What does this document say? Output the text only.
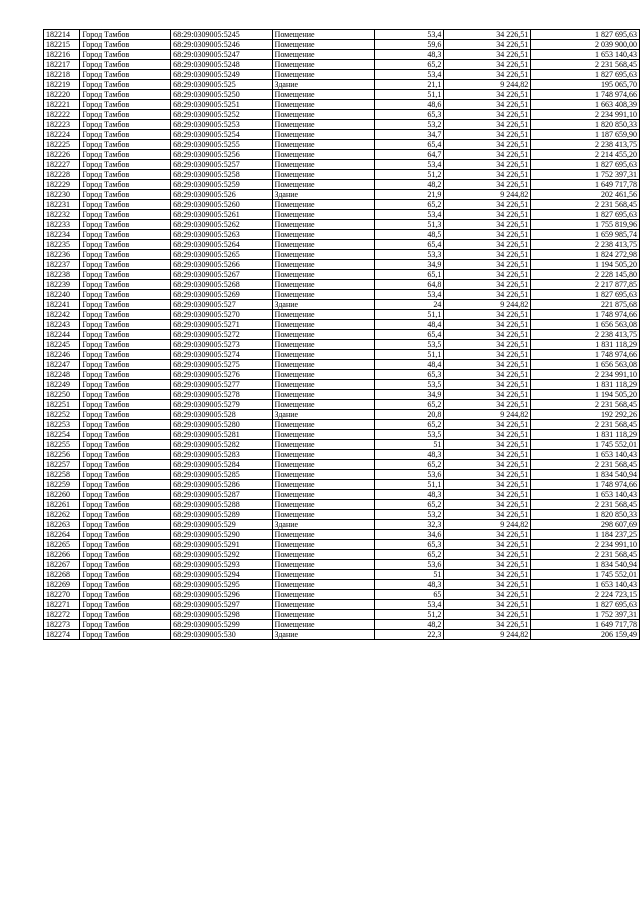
182214	Город Тамбов	68:29:0309005:5245	Помещение	53,4	34 226,51	1 827 695,63
182215	Город Тамбов	68:29:0309005:5246	Помещение	59,6	34 226,51	2 039 900,00
182216	Город Тамбов	68:29:0309005:5247	Помещение	48,3	34 226,51	1 653 140,43
182217	Город Тамбов	68:29:0309005:5248	Помещение	65,2	34 226,51	2 231 568,45
182218	Город Тамбов	68:29:0309005:5249	Помещение	53,4	34 226,51	1 827 695,63
182219	Город Тамбов	68:29:0309005:525	Здание	21,1	9 244,82	195 065,70
182220	Город Тамбов	68:29:0309005:5250	Помещение	51,1	34 226,51	1 748 974,66
182221	Город Тамбов	68:29:0309005:5251	Помещение	48,6	34 226,51	1 663 408,39
182222	Город Тамбов	68:29:0309005:5252	Помещение	65,3	34 226,51	2 234 991,10
182223	Город Тамбов	68:29:0309005:5253	Помещение	53,2	34 226,51	1 820 850,33
182224	Город Тамбов	68:29:0309005:5254	Помещение	34,7	34 226,51	1 187 659,90
182225	Город Тамбов	68:29:0309005:5255	Помещение	65,4	34 226,51	2 238 413,75
182226	Город Тамбов	68:29:0309005:5256	Помещение	64,7	34 226,51	2 214 455,20
182227	Город Тамбов	68:29:0309005:5257	Помещение	53,4	34 226,51	1 827 695,63
182228	Город Тамбов	68:29:0309005:5258	Помещение	51,2	34 226,51	1 752 397,31
182229	Город Тамбов	68:29:0309005:5259	Помещение	48,2	34 226,51	1 649 717,78
182230	Город Тамбов	68:29:0309005:526	Здание	21,9	9 244,82	202 461,56
182231	Город Тамбов	68:29:0309005:5260	Помещение	65,2	34 226,51	2 231 568,45
182232	Город Тамбов	68:29:0309005:5261	Помещение	53,4	34 226,51	1 827 695,63
182233	Город Тамбов	68:29:0309005:5262	Помещение	51,3	34 226,51	1 755 819,96
182234	Город Тамбов	68:29:0309005:5263	Помещение	48,5	34 226,51	1 659 985,74
182235	Город Тамбов	68:29:0309005:5264	Помещение	65,4	34 226,51	2 238 413,75
182236	Город Тамбов	68:29:0309005:5265	Помещение	53,3	34 226,51	1 824 272,98
182237	Город Тамбов	68:29:0309005:5266	Помещение	34,9	34 226,51	1 194 505,20
182238	Город Тамбов	68:29:0309005:5267	Помещение	65,1	34 226,51	2 228 145,80
182239	Город Тамбов	68:29:0309005:5268	Помещение	64,8	34 226,51	2 217 877,85
182240	Город Тамбов	68:29:0309005:5269	Помещение	53,4	34 226,51	1 827 695,63
182241	Город Тамбов	68:29:0309005:527	Здание	24	9 244,82	221 875,68
182242	Город Тамбов	68:29:0309005:5270	Помещение	51,1	34 226,51	1 748 974,66
182243	Город Тамбов	68:29:0309005:5271	Помещение	48,4	34 226,51	1 656 563,08
182244	Город Тамбов	68:29:0309005:5272	Помещение	65,4	34 226,51	2 238 413,75
182245	Город Тамбов	68:29:0309005:5273	Помещение	53,5	34 226,51	1 831 118,29
182246	Город Тамбов	68:29:0309005:5274	Помещение	51,1	34 226,51	1 748 974,66
182247	Город Тамбов	68:29:0309005:5275	Помещение	48,4	34 226,51	1 656 563,08
182248	Город Тамбов	68:29:0309005:5276	Помещение	65,3	34 226,51	2 234 991,10
182249	Город Тамбов	68:29:0309005:5277	Помещение	53,5	34 226,51	1 831 118,29
182250	Город Тамбов	68:29:0309005:5278	Помещение	34,9	34 226,51	1 194 505,20
182251	Город Тамбов	68:29:0309005:5279	Помещение	65,2	34 226,51	2 231 568,45
182252	Город Тамбов	68:29:0309005:528	Здание	20,8	9 244,82	192 292,26
182253	Город Тамбов	68:29:0309005:5280	Помещение	65,2	34 226,51	2 231 568,45
182254	Город Тамбов	68:29:0309005:5281	Помещение	53,5	34 226,51	1 831 118,29
182255	Город Тамбов	68:29:0309005:5282	Помещение	51	34 226,51	1 745 552,01
182256	Город Тамбов	68:29:0309005:5283	Помещение	48,3	34 226,51	1 653 140,43
182257	Город Тамбов	68:29:0309005:5284	Помещение	65,2	34 226,51	2 231 568,45
182258	Город Тамбов	68:29:0309005:5285	Помещение	53,6	34 226,51	1 834 540,94
182259	Город Тамбов	68:29:0309005:5286	Помещение	51,1	34 226,51	1 748 974,66
182260	Город Тамбов	68:29:0309005:5287	Помещение	48,3	34 226,51	1 653 140,43
182261	Город Тамбов	68:29:0309005:5288	Помещение	65,2	34 226,51	2 231 568,45
182262	Город Тамбов	68:29:0309005:5289	Помещение	53,2	34 226,51	1 820 850,33
182263	Город Тамбов	68:29:0309005:529	Здание	32,3	9 244,82	298 607,69
182264	Город Тамбов	68:29:0309005:5290	Помещение	34,6	34 226,51	1 184 237,25
182265	Город Тамбов	68:29:0309005:5291	Помещение	65,3	34 226,51	2 234 991,10
182266	Город Тамбов	68:29:0309005:5292	Помещение	65,2	34 226,51	2 231 568,45
182267	Город Тамбов	68:29:0309005:5293	Помещение	53,6	34 226,51	1 834 540,94
182268	Город Тамбов	68:29:0309005:5294	Помещение	51	34 226,51	1 745 552,01
182269	Город Тамбов	68:29:0309005:5295	Помещение	48,3	34 226,51	1 653 140,43
182270	Город Тамбов	68:29:0309005:5296	Помещение	65	34 226,51	2 224 723,15
182271	Город Тамбов	68:29:0309005:5297	Помещение	53,4	34 226,51	1 827 695,63
182272	Город Тамбов	68:29:0309005:5298	Помещение	51,2	34 226,51	1 752 397,31
182273	Город Тамбов	68:29:0309005:5299	Помещение	48,2	34 226,51	1 649 717,78
182274	Город Тамбов	68:29:0309005:530	Здание	22,3	9 244,82	206 159,49
